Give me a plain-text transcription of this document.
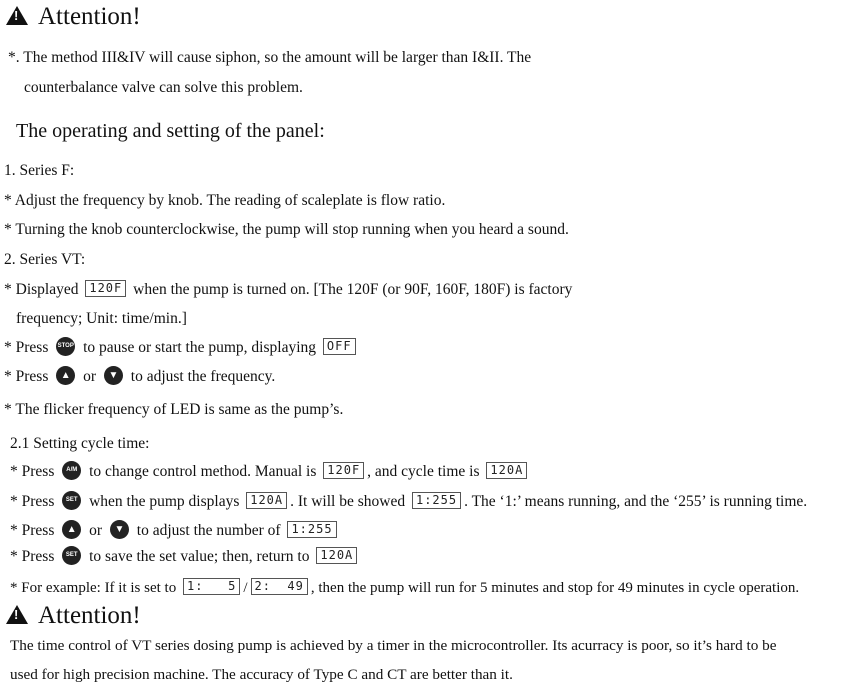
!Attention!
*. The method III&IV will cause siphon, so the amount will be larger than I&II. The
counterbalance valve can solve this problem.
The operating and setting of the panel:
1. Series F:
* Adjust the frequency by knob. The reading of scaleplate is flow ratio.
* Turning the knob counterclockwise, the pump will stop running when you heard a sound.
2. Series VT:
* Displayed 120F when the pump is turned on. [The 120F (or 90F, 160F, 180F) is factory
frequency; Unit: time/min.]
* Press STOP to pause or start the pump, displaying OFF
* Press ▲ or ▼ to adjust the frequency.
* The flicker frequency of LED is same as the pump’s.
2.1 Setting cycle time:
* Press A/M to change control method. Manual is 120F , and cycle time is 120A
* Press SET when the pump displays 120A . It will be showed 1:255 . The ‘1:’ means running, and the ‘255’ is running time.
* Press ▲ or ▼ to adjust the number of 1:255
* Press SET to save the set value; then, return to 120A
* For example: If it is set to 1:   5 / 2:  49 , then the pump will run for 5 minutes and stop for 49 minutes in cycle operation.
!Attention!
The time control of VT series dosing pump is achieved by a timer in the microcontroller. Its acurracy is poor, so it’s hard to be
used for high precision machine. The accuracy of Type C and CT are better than it.
